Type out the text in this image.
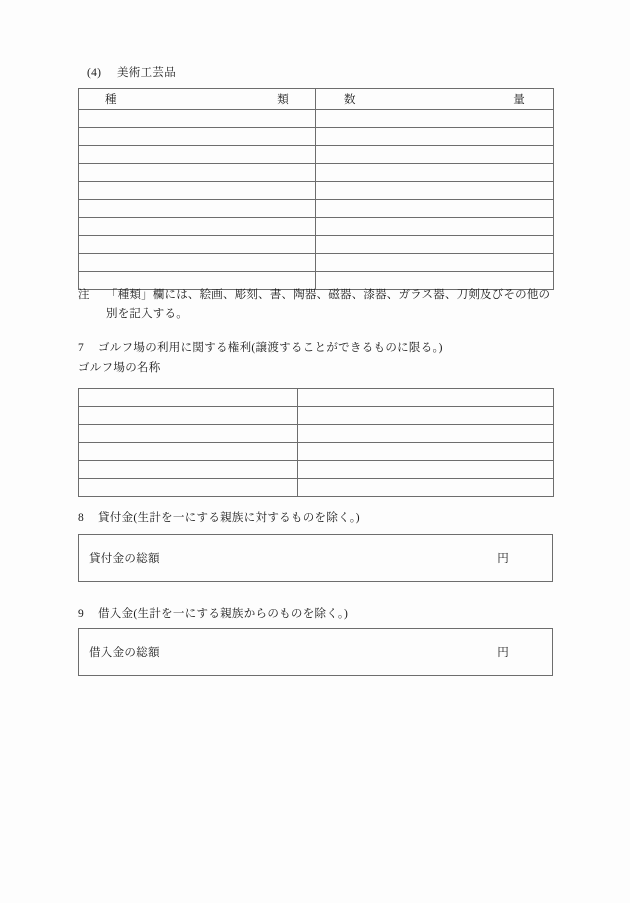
(4) 美術工芸品
種 類	数 量

注 「種類」欄には、絵画、彫刻、書、陶器、磁器、漆器、ガラス器、刀剣及びその他の
別を記入する。
7 ゴルフ場の利用に関する権利(譲渡することができるものに限る。)
ゴルフ場の名称

8 貸付金(生計を一にする親族に対するものを除く。)
貸付金の総額	円
9 借入金(生計を一にする親族からのものを除く。)
借入金の総額	円
